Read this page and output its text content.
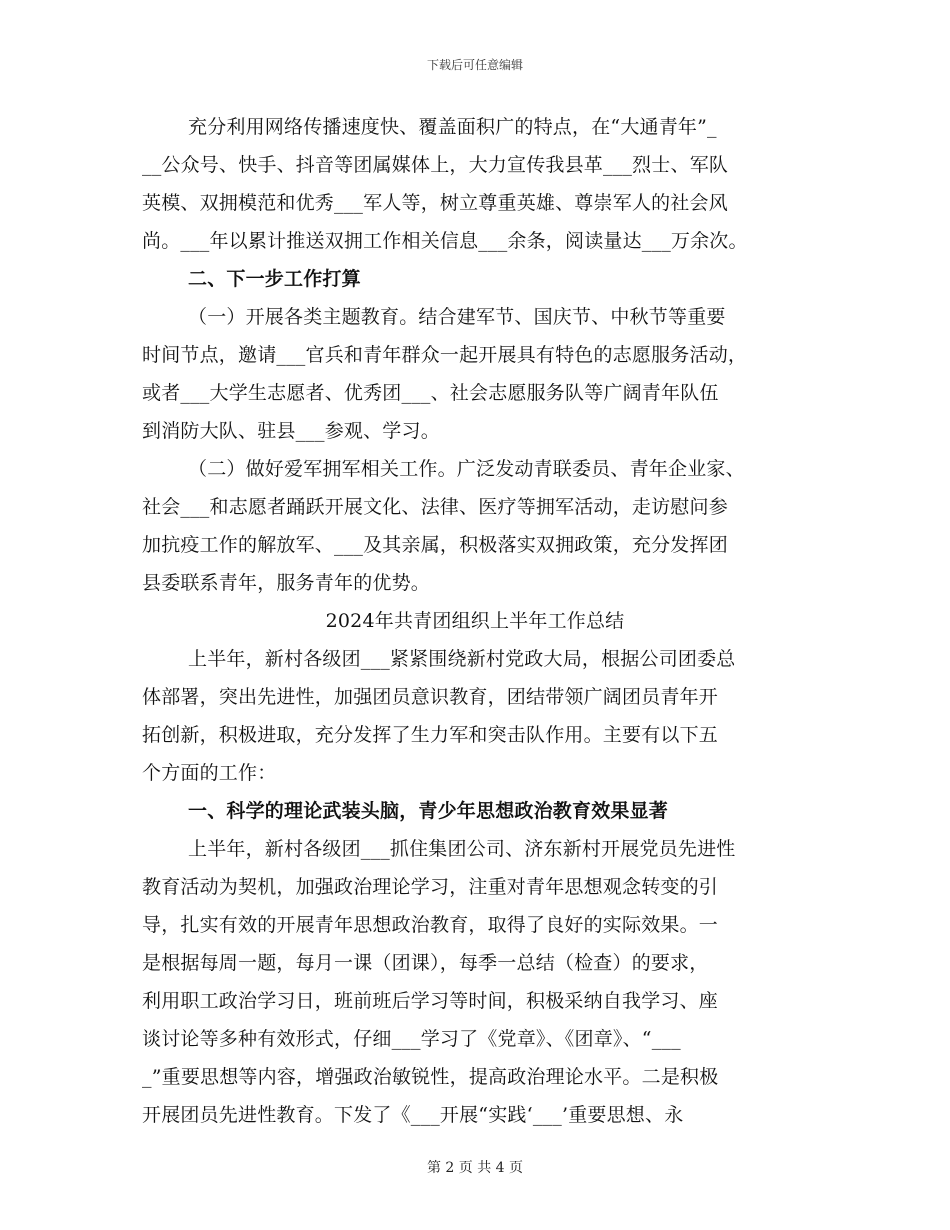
下载后可任意编辑
充分利用网络传播速度快、覆盖面积广的特点，在“大通青年”_
__公众号、快手、抖音等团属媒体上，大力宣传我县革___烈士、军队
英模、双拥模范和优秀___军人等，树立尊重英雄、尊崇军人的社会风
尚。___年以累计推送双拥工作相关信息___余条，阅读量达___万余次。
二、下一步工作打算
（一）开展各类主题教育。结合建军节、国庆节、中秋节等重要
时间节点，邀请___官兵和青年群众一起开展具有特色的志愿服务活动，
或者___大学生志愿者、优秀团___、社会志愿服务队等广阔青年队伍
到消防大队、驻县___参观、学习。
（二）做好爱军拥军相关工作。广泛发动青联委员、青年企业家、
社会___和志愿者踊跃开展文化、法律、医疗等拥军活动，走访慰问参
加抗疫工作的解放军、___及其亲属，积极落实双拥政策，充分发挥团
县委联系青年，服务青年的优势。
2024年共青团组织上半年工作总结
上半年，新村各级团___紧紧围绕新村党政大局，根据公司团委总
体部署，突出先进性，加强团员意识教育，团结带领广阔团员青年开
拓创新，积极进取，充分发挥了生力军和突击队作用。主要有以下五
个方面的工作：
一、科学的理论武装头脑，青少年思想政治教育效果显著
上半年，新村各级团___抓住集团公司、济东新村开展党员先进性
教育活动为契机，加强政治理论学习，注重对青年思想观念转变的引
导，扎实有效的开展青年思想政治教育，取得了良好的实际效果。一
是根据每周一题，每月一课（团课），每季一总结（检查）的要求，
利用职工政治学习日，班前班后学习等时间，积极采纳自我学习、座
谈讨论等多种有效形式，仔细___学习了《党章》、《团章》、“___
_”重要思想等内容，增强政治敏锐性，提高政治理论水平。二是积极
开展团员先进性教育。下发了《___开展“实践‘___’重要思想、永
第 2 页 共 4 页
